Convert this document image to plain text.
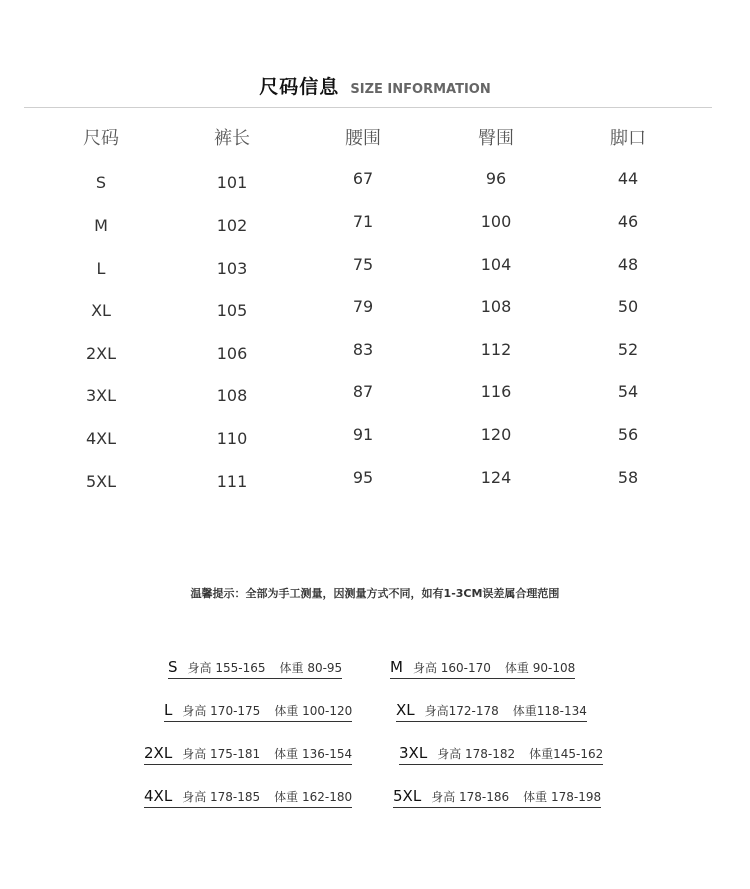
尺码信息 SIZE INFORMATION
尺码	裤长	腰围	臀围	脚口
S	101	67	96	44
M	102	71	100	46
L	103	75	104	48
XL	105	79	108	50
2XL	106	83	112	52
3XL	108	87	116	54
4XL	110	91	120	56
5XL	111	95	124	58
温馨提示：全部为手工测量，因测量方式不同，如有1-3CM误差属合理范围
S 身高 155-165 体重 80-95	M 身高 160-170 体重 90-108
L 身高 170-175 体重 100-120	XL 身高172-178 体重118-134
2XL 身高 175-181 体重 136-154	3XL 身高 178-182 体重145-162
4XL 身高 178-185 体重 162-180	5XL 身高 178-186 体重 178-198
